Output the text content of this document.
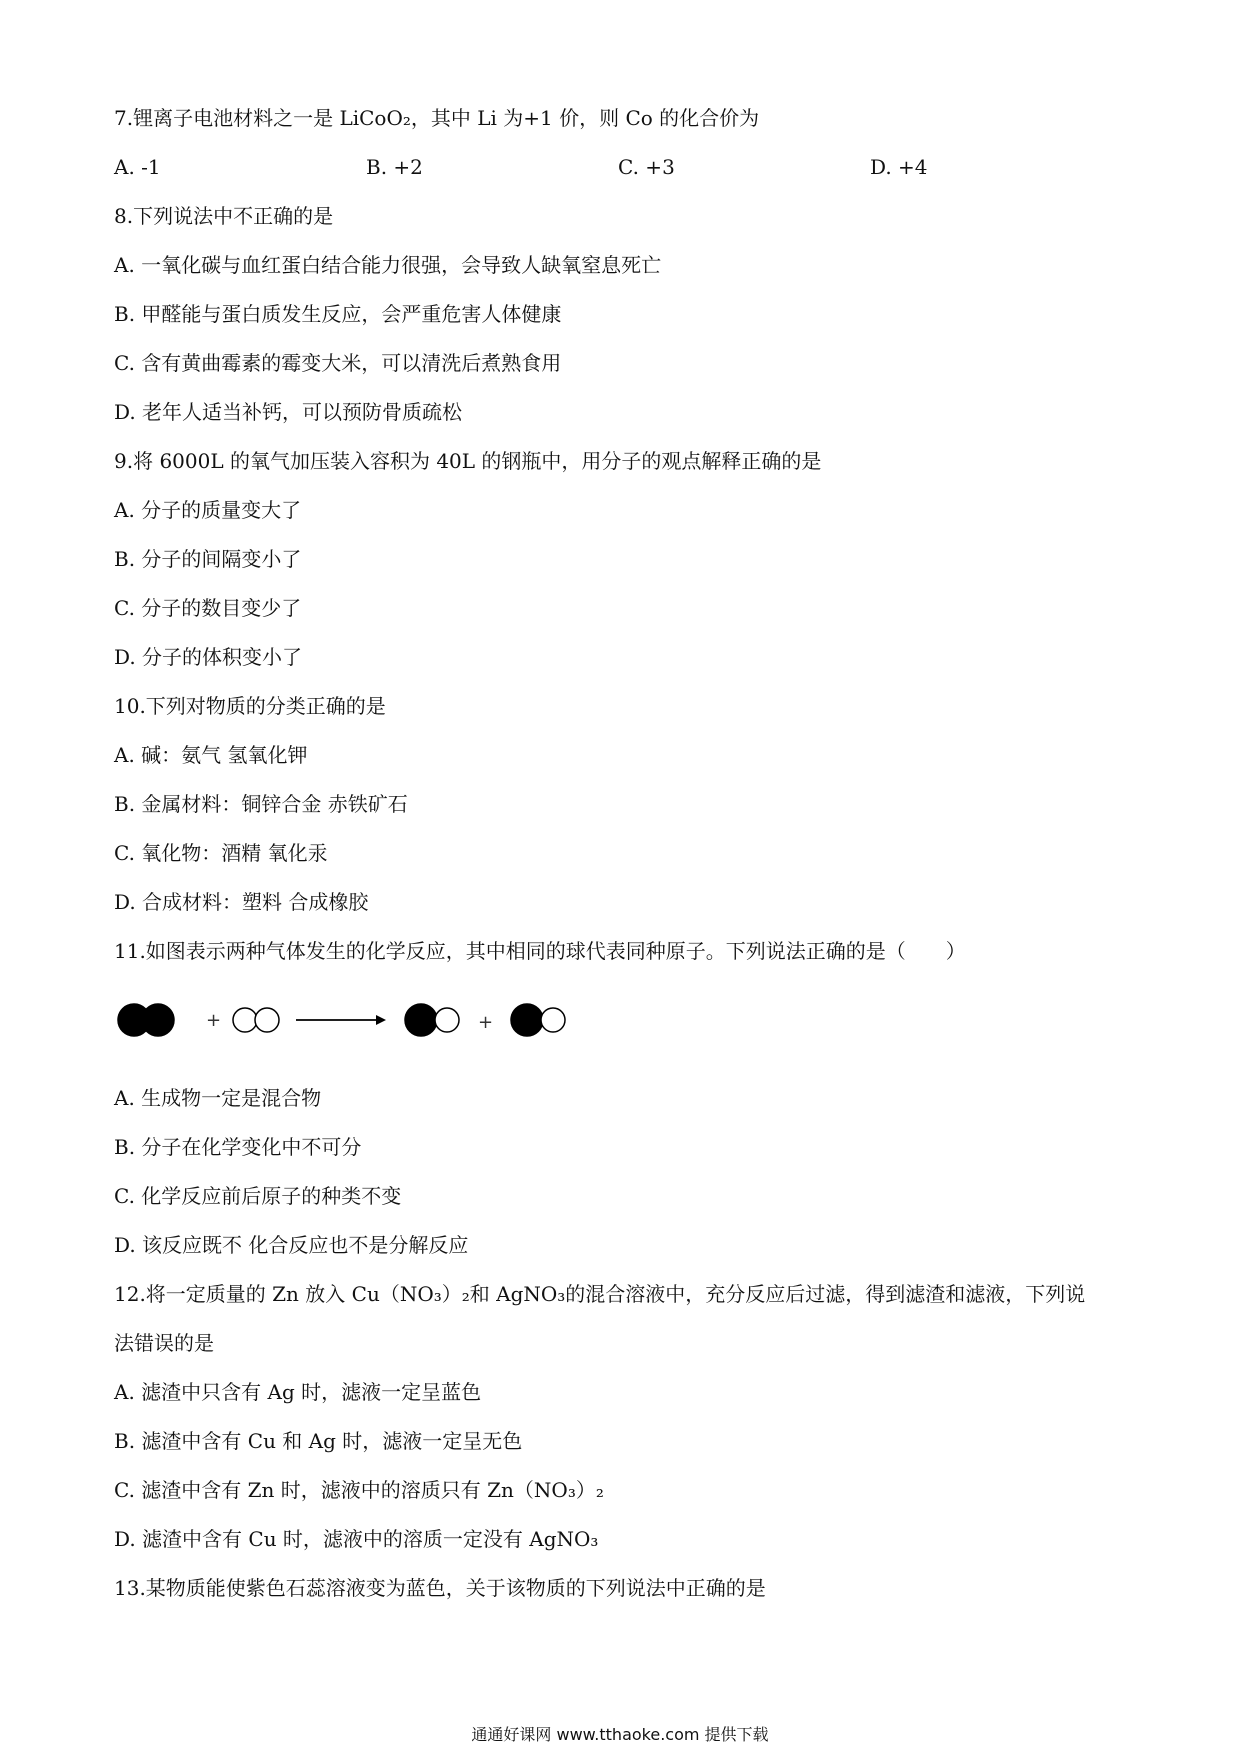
7.锂离子电池材料之一是 LiCoO₂，其中 Li 为+1 价，则 Co 的化合价为
A. -1	B. +2	C. +3	D. +4
8.下列说法中不正确的是
A. 一氧化碳与血红蛋白结合能力很强，会导致人缺氧窒息死亡
B. 甲醛能与蛋白质发生反应，会严重危害人体健康
C. 含有黄曲霉素的霉变大米，可以清洗后煮熟食用
D. 老年人适当补钙，可以预防骨质疏松
9.将 6000L 的氧气加压装入容积为 40L 的钢瓶中，用分子的观点解释正确的是
A. 分子的质量变大了
B. 分子的间隔变小了
C. 分子的数目变少了
D. 分子的体积变小了
10.下列对物质的分类正确的是
A. 碱：氨气 氢氧化钾
B. 金属材料：铜锌合金 赤铁矿石
C. 氧化物：酒精 氧化汞
D. 合成材料：塑料 合成橡胶
11.如图表示两种气体发生的化学反应，其中相同的球代表同种原子。下列说法正确的是（　　）
+	+
A. 生成物一定是混合物
B. 分子在化学变化中不可分
C. 化学反应前后原子的种类不变
D. 该反应既不 化合反应也不是分解反应
12.将一定质量的 Zn 放入 Cu（NO₃）₂和 AgNO₃的混合溶液中，充分反应后过滤，得到滤渣和滤液，下列说
法错误的是
A. 滤渣中只含有 Ag 时，滤液一定呈蓝色
B. 滤渣中含有 Cu 和 Ag 时，滤液一定呈无色
C. 滤渣中含有 Zn 时，滤液中的溶质只有 Zn（NO₃）₂
D. 滤渣中含有 Cu 时，滤液中的溶质一定没有 AgNO₃
13.某物质能使紫色石蕊溶液变为蓝色，关于该物质的下列说法中正确的是
通通好课网 www.tthaoke.com 提供下载
